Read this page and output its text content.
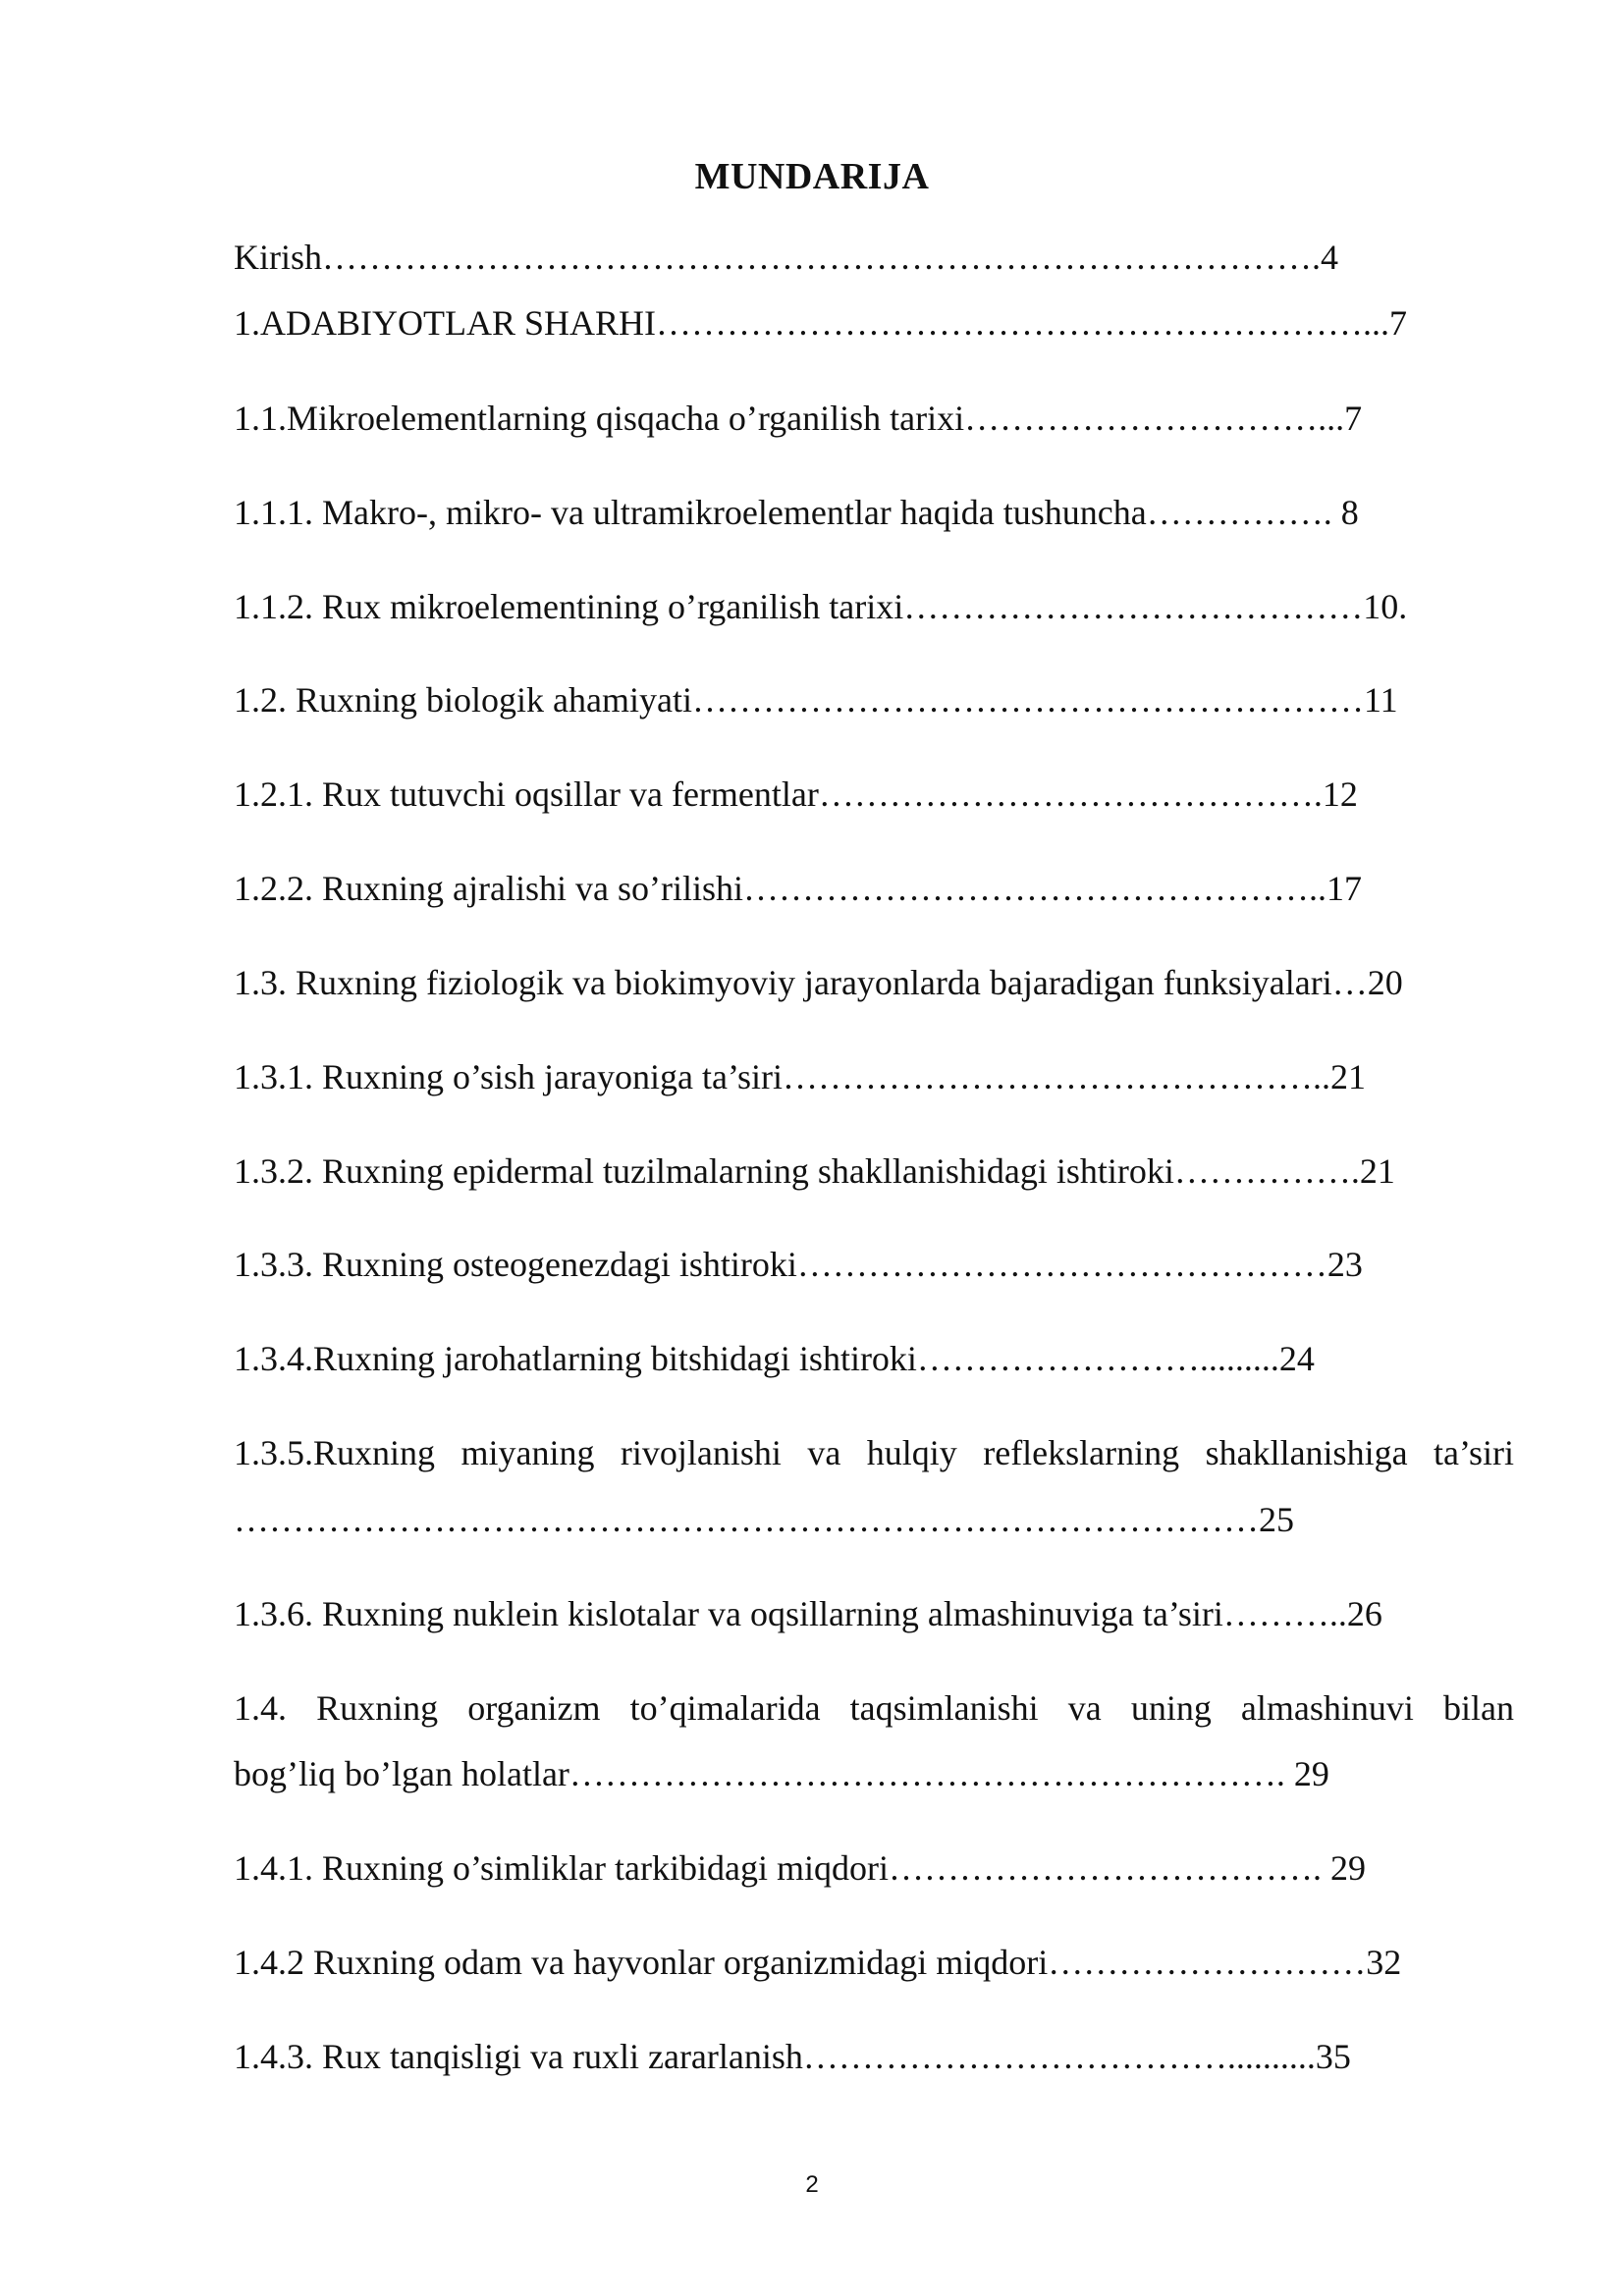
MUNDARIJA
Kirish………………………………………………………………………….4
1.ADABIYOTLAR SHARHI……………………………………………………...7
1.1.Mikroelementlarning qisqacha o’rganilish tarixi…………………………...7
1.1.1. Makro-, mikro- va ultramikroelementlar haqida tushuncha……………. 8
1.1.2. Rux mikroelementining o’rganilish tarixi…………………………………10.
1.2. Ruxning biologik ahamiyati…………………………………………………11
1.2.1. Rux tutuvchi oqsillar va fermentlar…………………………………….12
1.2.2. Ruxning ajralishi va so’rilishi…………………………………………..17
1.3. Ruxning fiziologik va biokimyoviy jarayonlarda bajaradigan funksiyalari…20
1.3.1. Ruxning o’sish jarayoniga ta’siri………………………………………..21
1.3.2. Ruxning epidermal tuzilmalarning shakllanishidagi ishtiroki…………….21
1.3.3. Ruxning osteogenezdagi ishtiroki………………………………………23
1.3.4.Ruxning jarohatlarning bitshidagi ishtiroki…………………….........24
1.3.5.Ruxning miyaning rivojlanishi va hulqiy reflekslarning shakllanishiga ta’siri
……………………………………………………………………………25
1.3.6. Ruxning nuklein kislotalar va oqsillarning almashinuviga ta’siri………..26
1.4. Ruxning organizm to’qimalarida taqsimlanishi va uning almashinuvi bilan
bog’liq bo’lgan holatlar……………………………………………………. 29
1.4.1. Ruxning o’simliklar tarkibidagi miqdori………………………………. 29
1.4.2 Ruxning odam va hayvonlar organizmidagi miqdori………………………32
1.4.3. Rux tanqisligi va ruxli zararlanish………………………………..........35
2
